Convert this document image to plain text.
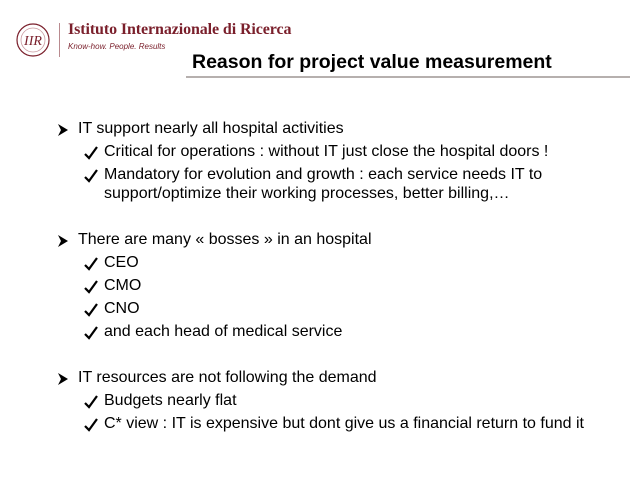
IIR
Istituto Internazionale di Ricerca
Know-how. People. Results
Reason for project value measurement
IT support nearly all hospital activities
Critical for operations : without IT just close the hospital doors !
Mandatory for evolution and growth : each service needs IT to
support/optimize their working processes, better billing,…
There are many « bosses » in an hospital
CEO
CMO
CNO
and each head of medical service
IT resources are not following the demand
Budgets nearly flat
C* view : IT is expensive but dont give us a financial return to fund it
